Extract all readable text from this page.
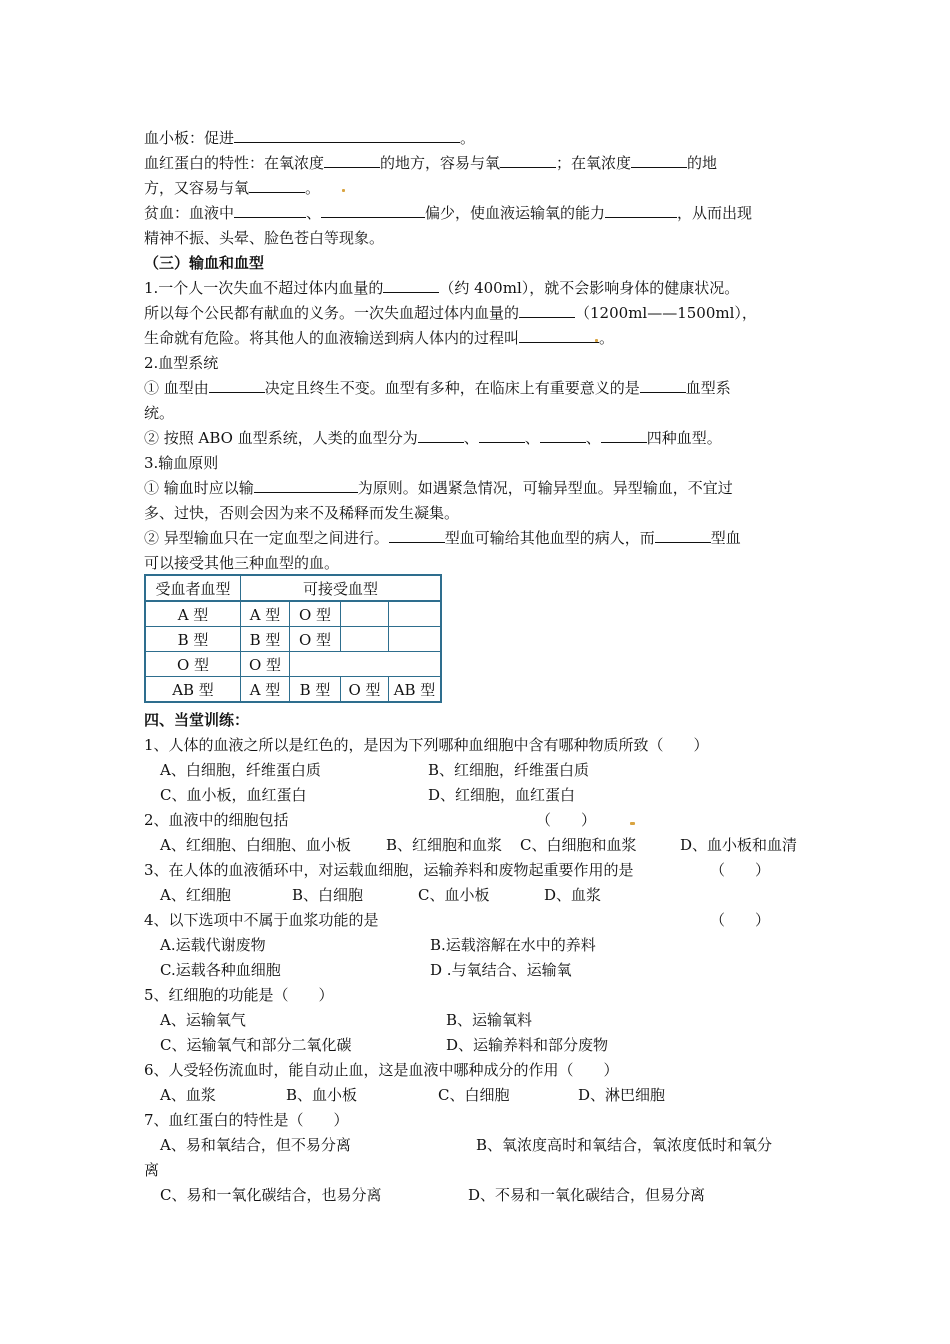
血小板：促进	。
血红蛋白的特性：在氧浓度	的地方，容易与氧	；在氧浓度	的地
方，又容易与氧	。
贫血：血液中	、	偏少，使血液运输氧的能力	，从而出现
精神不振、头晕、脸色苍白等现象。
（三）输血和血型
1.一个人一次失血不超过体内血量的	（约 400ml），就不会影响身体的健康状况。
所以每个公民都有献血的义务。一次失血超过体内血量的	（1200ml——1500ml），
生命就有危险。将其他人的血液输送到病人体内的过程叫	。
2.血型系统
① 血型由	决定且终生不变。血型有多种，在临床上有重要意义的是	血型系
统。
② 按照 ABO 血型系统，人类的血型分为	、	、	、	四种血型。
3.输血原则
① 输血时应以输	为原则。如遇紧急情况，可输异型血。异型输血，不宜过
多、过快，否则会因为来不及稀释而发生凝集。
② 异型输血只在一定血型之间进行。	型血可输给其他血型的病人，而	型血
可以接受其他三种血型的血。
受血者血型	可接受血型			
A 型	A 型	O 型		
B 型	B 型	O 型		
O 型	O 型			
AB 型	A 型	B 型	O 型	AB 型
四、当堂训练：
1、人体的血液之所以是红色的，是因为下列哪种血细胞中含有哪种物质所致（　　）
A、白细胞，纤维蛋白质	B、红细胞，纤维蛋白质
C、血小板，血红蛋白	D、红细胞，血红蛋白
2、血液中的细胞包括	（　　）
A、红细胞、白细胞、血小板 B、红细胞和血浆 C、白细胞和血浆	D、血小板和血清
3、在人体的血液循环中，对运载血细胞，运输养料和废物起重要作用的是	（　　）
A、红细胞	B、白细胞	C、血小板	D、血浆
4、以下选项中不属于血浆功能的是	（　　）
A.运载代谢废物	B.运载溶解在水中的养料
C.运载各种血细胞	D .与氧结合、运输氧
5、红细胞的功能是（　　）
A、运输氧气	B、运输氧料
C、运输氧气和部分二氧化碳	D、运输养料和部分废物
6、人受轻伤流血时，能自动止血，这是血液中哪种成分的作用（　　）
A、血浆	B、血小板	C、白细胞	D、淋巴细胞
7、血红蛋白的特性是（　　）
A、易和氧结合，但不易分离	B、氧浓度高时和氧结合，氧浓度低时和氧分
离
C、易和一氧化碳结合，也易分离	D、不易和一氧化碳结合，但易分离
